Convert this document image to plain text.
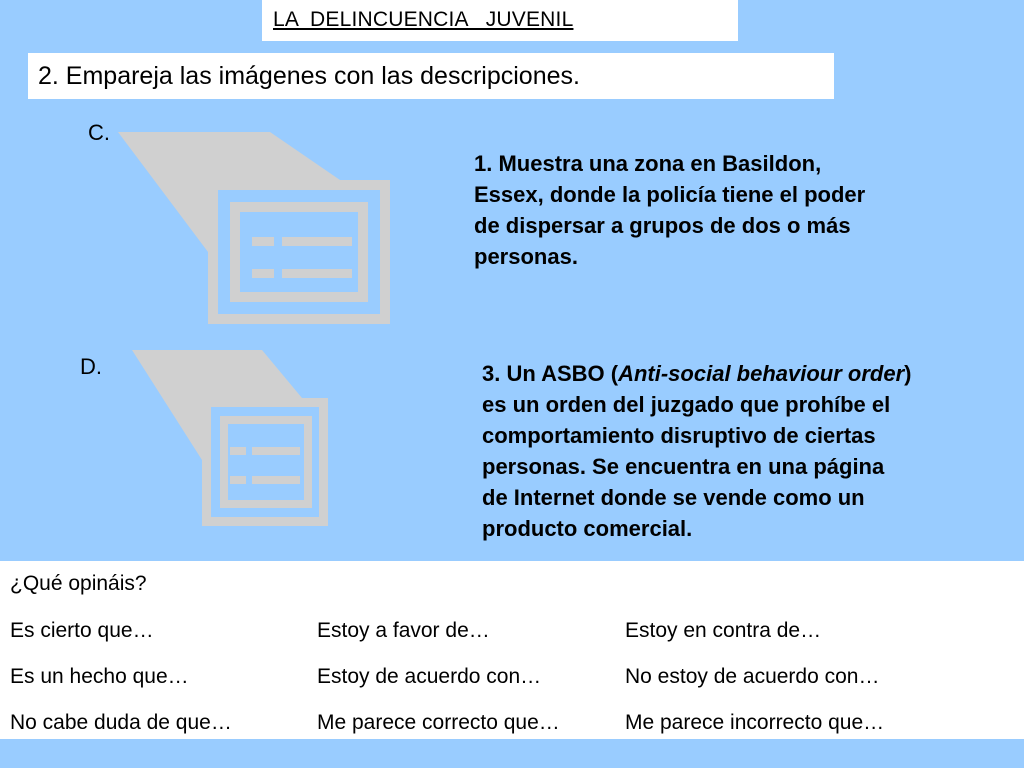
LA  DELINCUENCIA   JUVENIL
2. Empareja las imágenes con las descripciones.
C.
D.
1. Muestra una zona en Basildon,
Essex, donde la policía tiene el poder
de dispersar a grupos de dos o más
personas.
3. Un ASBO (Anti-social behaviour order)
es un orden del juzgado que prohíbe el
comportamiento disruptivo de ciertas
personas. Se encuentra en una página
de Internet donde se vende como un
producto comercial.
¿Qué opináis?
Es cierto que…
Es un hecho que…
No cabe duda de que…
Estoy a favor de…
Estoy de acuerdo con…
Me parece correcto que…
Estoy en contra de…
No estoy de acuerdo con…
Me parece incorrecto que…
